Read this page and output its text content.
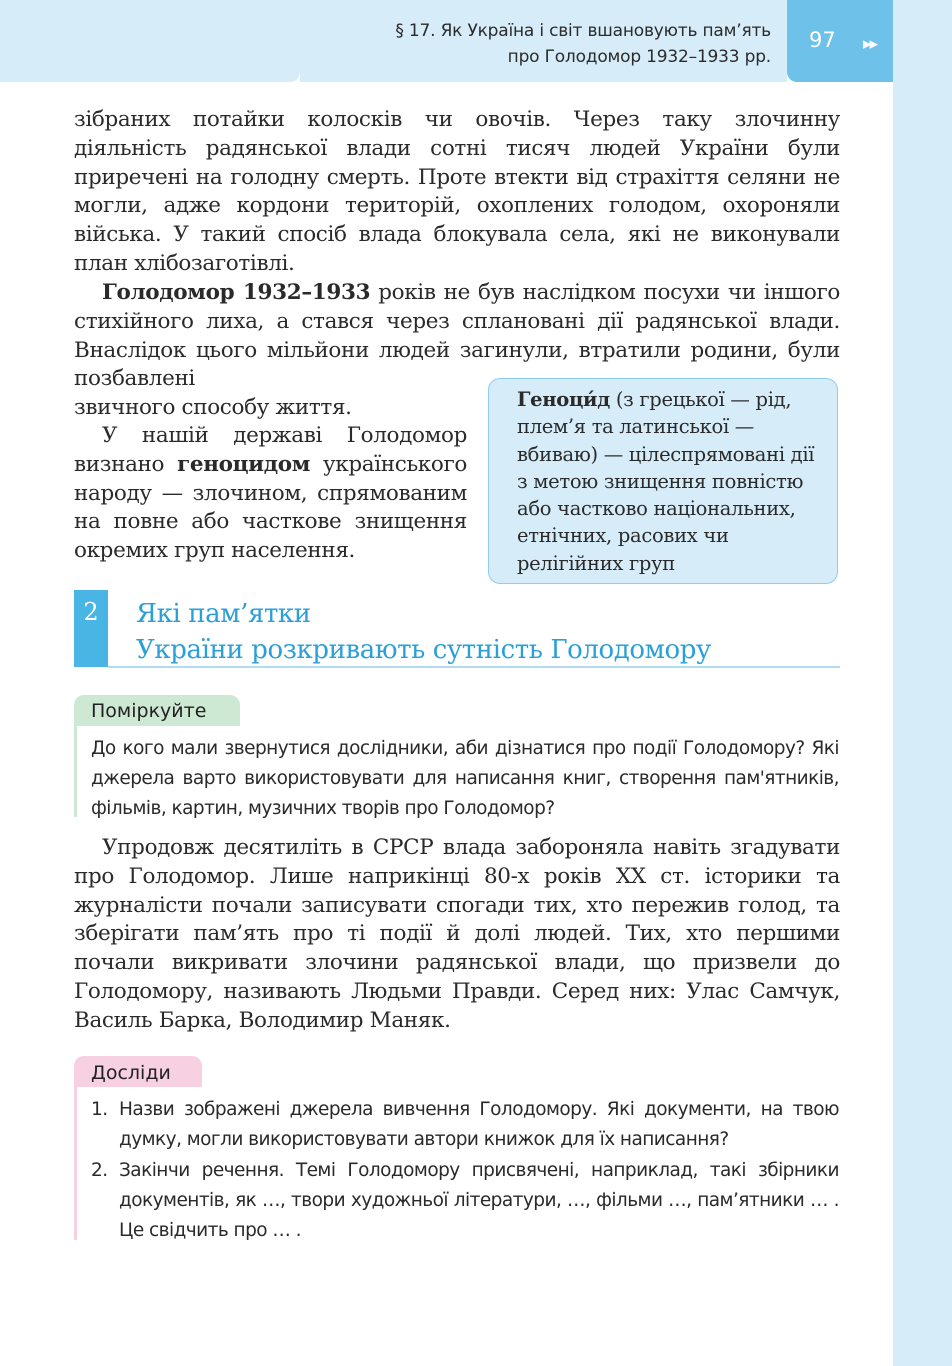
§ 17. Як Україна і світ вшановують пам’ять
про Голодомор 1932–1933 рр.
97 ▶▶

зібраних потайки колосків чи овочів. Через таку злочинну діяльність радянської влади сотні тисяч людей України були приречені на голодну смерть. Проте втекти від страхіття селяни не могли, адже кордони територій, охоплених голодом, охороняли війська. У такий спосіб влада блокувала села, які не виконували план хлібозаготівлі.

Голодомор 1932–1933 років не був наслідком посухи чи іншого стихійного лиха, а стався через сплановані дії радянської влади. Внаслідок цього мільйони людей загинули, втратили родини, були позбавлені

звичного способу життя.

У нашій державі Голодомор визнано геноцидом українського народу — злочином, спрямованим на повне або часткове знищення окремих груп населення.

Геноци́д (з грецької — рід, плем’я та латинської — вбиваю) — цілеспрямовані дії з метою знищення повністю або частково національних, етнічних, расових чи релігійних груп
2	Які пам’ятки
України розкривають сутність Голодомору
Поміркуйте
До кого мали звернутися дослідники, аби дізнатися про події Голодомору? Які джерела варто використовувати для написання книг, створення пам'ятників, фільмів, картин, музичних творів про Голодомор?

Упродовж десятиліть в СРСР влада забороняла навіть згадувати про Голодомор. Лише наприкінці 80-х років XX ст. історики та журналісти почали записувати спогади тих, хто пережив голод, та зберігати пам’ять про ті події й долі людей. Тих, хто першими почали викривати злочини радянської влади, що призвели до Голодомору, називають Людьми Правди. Серед них: Улас Самчук, Василь Барка, Володимир Маняк.

Досліди
1. Назви зображені джерела вивчення Голодомору. Які документи, на твою думку, могли використовувати автори книжок для їх написання?
2. Закінчи речення. Темі Голодомору присвячені, наприклад, такі збірники документів, як …, твори художньої літератури, …, фільми …, пам’ятники … . Це свідчить про … .
